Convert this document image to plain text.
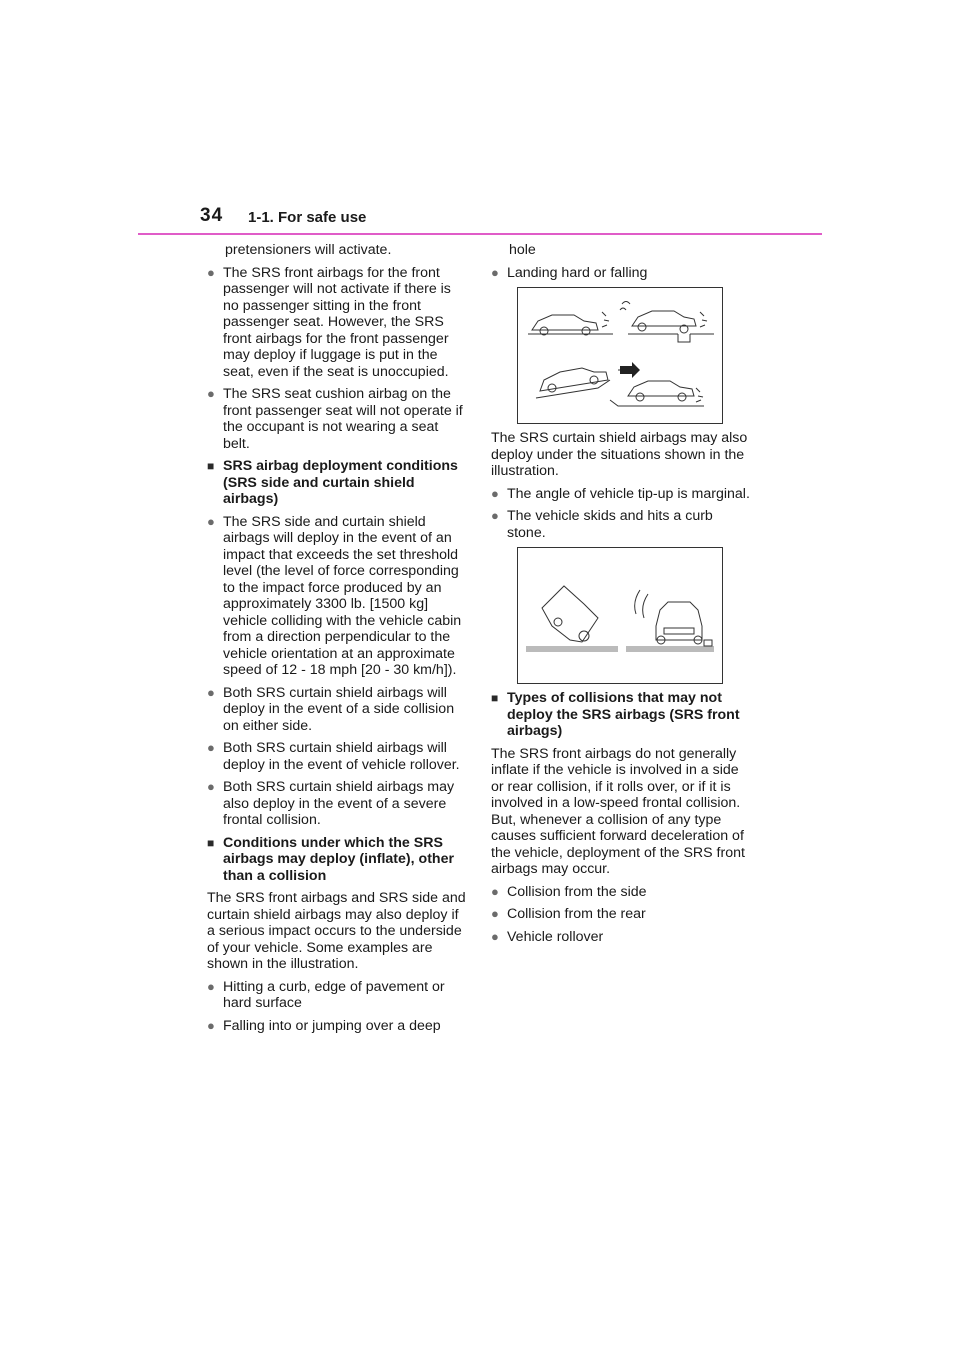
34 1-1. For safe use

pretensioners will activate.

● The SRS front airbags for the front passenger will not activate if there is no passenger sitting in the front passenger seat. However, the SRS front airbags for the front passenger may deploy if luggage is put in the seat, even if the seat is unoccupied.
● The SRS seat cushion airbag on the front passenger seat will not operate if the occupant is not wearing a seat belt.
■ SRS airbag deployment conditions (SRS side and curtain shield airbags)
● The SRS side and curtain shield airbags will deploy in the event of an impact that exceeds the set threshold level (the level of force corresponding to the impact force produced by an approximately 3300 lb. [1500 kg] vehicle colliding with the vehicle cabin from a direction perpendicular to the vehicle orientation at an approximate speed of 12 - 18 mph [20 - 30 km/h]).
● Both SRS curtain shield airbags will deploy in the event of a side collision on either side.
● Both SRS curtain shield airbags will deploy in the event of vehicle rollover.
● Both SRS curtain shield airbags may also deploy in the event of a severe frontal collision.
■ Conditions under which the SRS airbags may deploy (inflate), other than a collision

The SRS front airbags and SRS side and curtain shield airbags may also deploy if a serious impact occurs to the underside of your vehicle. Some examples are shown in the illustration.

● Hitting a curb, edge of pavement or hard surface
● Falling into or jumping over a deep

hole

● Landing hard or falling

The SRS curtain shield airbags may also deploy under the situations shown in the illustration.

● The angle of vehicle tip-up is marginal.
● The vehicle skids and hits a curb stone.
■ Types of collisions that may not deploy the SRS airbags (SRS front airbags)

The SRS front airbags do not generally inflate if the vehicle is involved in a side or rear collision, if it rolls over, or if it is involved in a low-speed frontal collision. But, whenever a collision of any type causes sufficient forward deceleration of the vehicle, deployment of the SRS front airbags may occur.

● Collision from the side
● Collision from the rear
● Vehicle rollover
